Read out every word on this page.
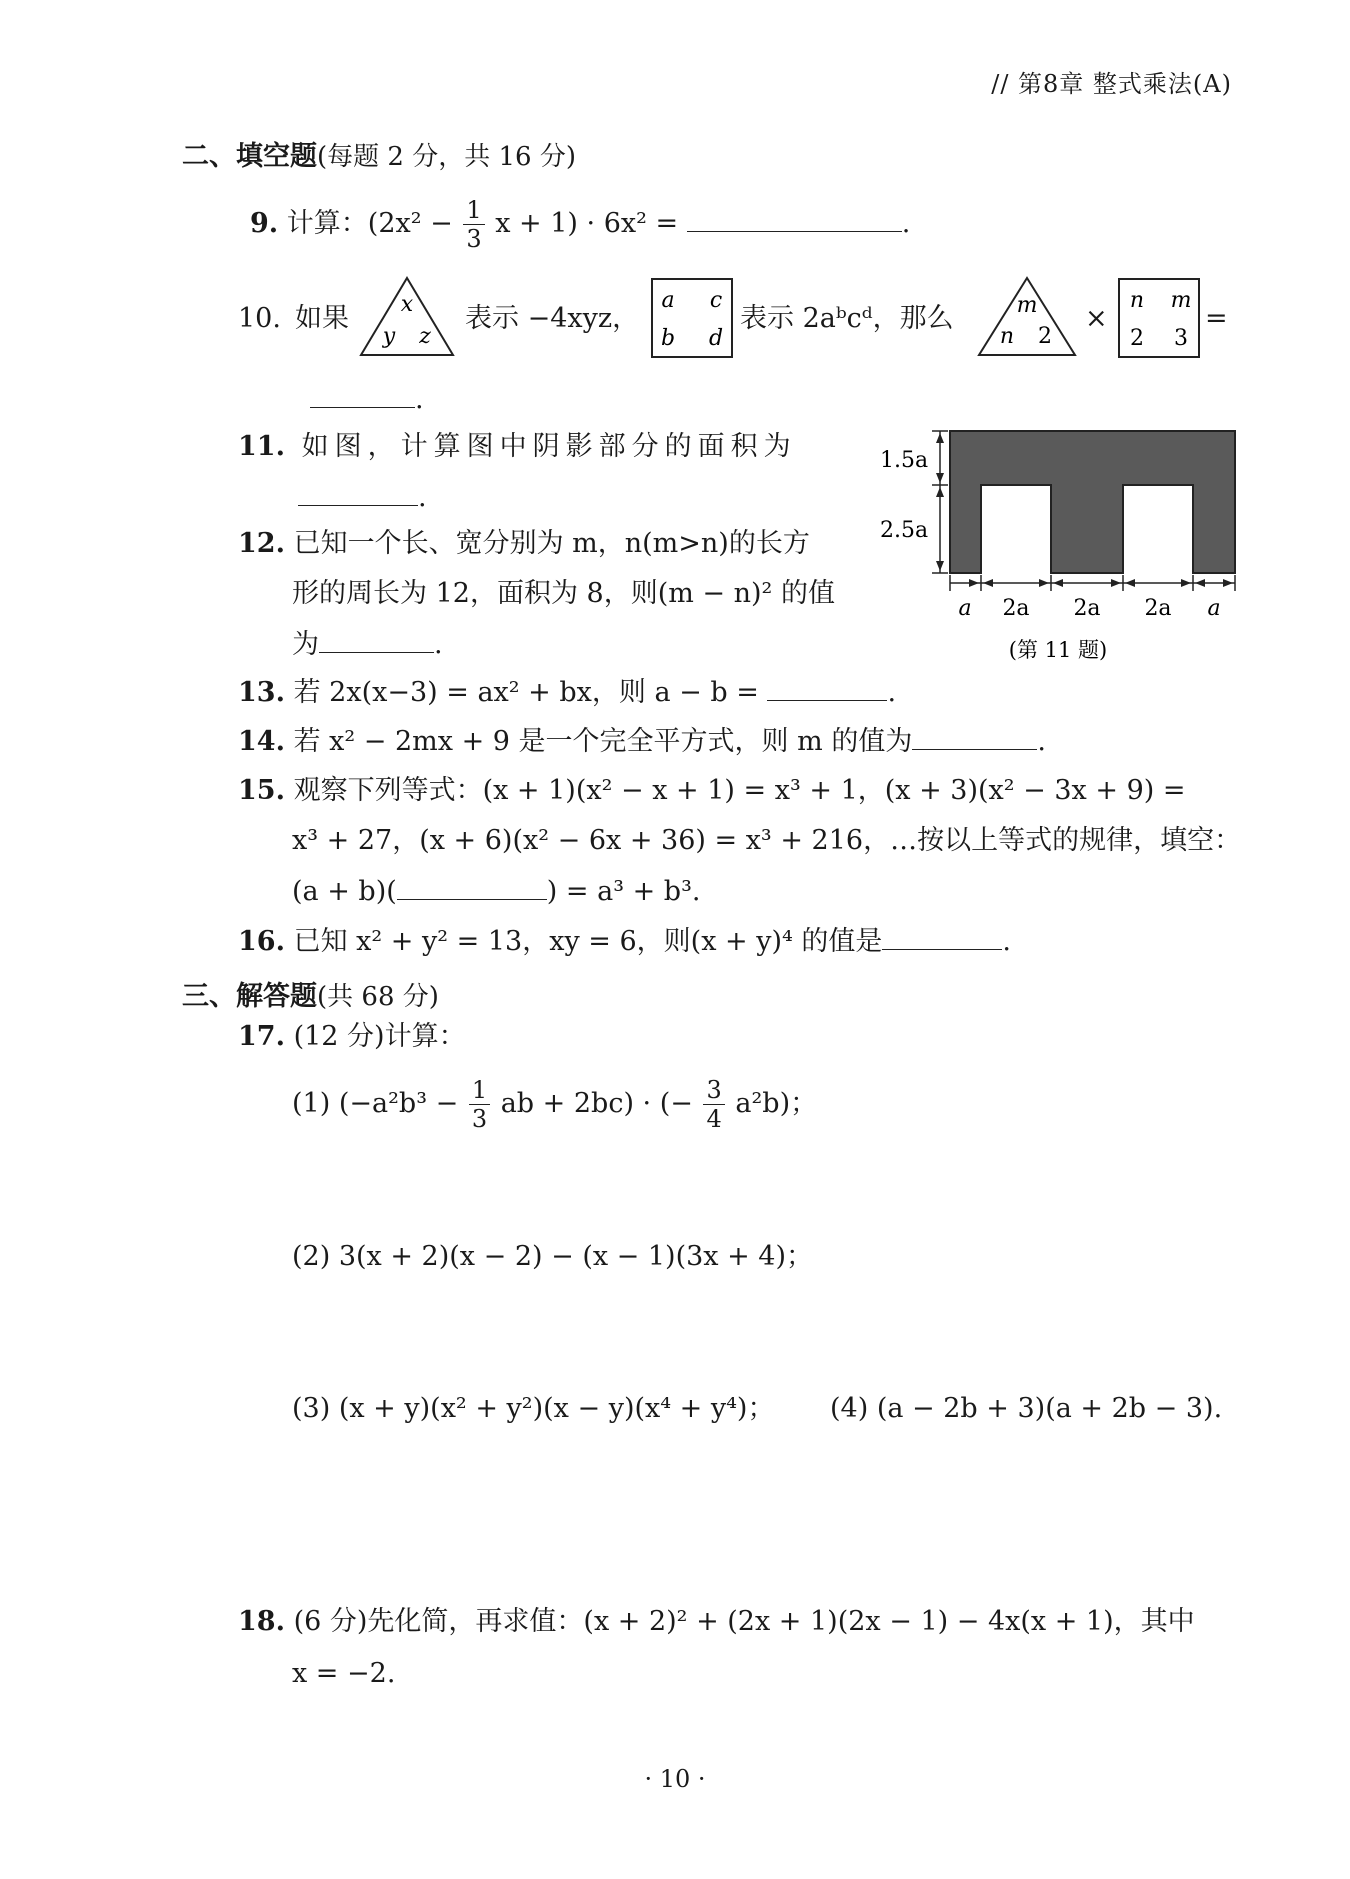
// 第8章 整式乘法(A)
二、填空题(每题 2 分，共 16 分)
9. 计算：($2x^2 - \frac{1}{3}$ x + 1) · 6x² =	.
10. 如果 x
y z
表示 −4xyz，
a c
b d
表示 2aᵇcᵈ，那么	m
n 2
×
n m
2 3
=
.
11. 如图，计算图中阴影部分的面积为
.
1.5a
2.5a
a 2a 2a 2a a
(第 11 题)
12. 已知一个长、宽分别为 m，n(m>n)的长方
形的周长为 12，面积为 8，则(m − n)² 的值
为	.
13. 若 2x(x−3) = ax² + bx，则 a − b =	.
14. 若 x² − 2mx + 9 是一个完全平方式，则 m 的值为	.
15. 观察下列等式：(x + 1)(x² − x + 1) = x³ + 1，(x + 3)(x² − 3x + 9) =
x³ + 27，(x + 6)(x² − 6x + 36) = x³ + 216，…按以上等式的规律，填空：
(a + b)(	) = a³ + b³.
16. 已知 x² + y² = 13，xy = 6，则(x + y)⁴ 的值是	.
三、解答题(共 68 分)
17. (12 分)计算：
(1) ($-a^2b^3 - \frac{1}{3}$ ab + 2bc) · (− $\frac{3}{4} a^2b$)；
(2) 3(x + 2)(x − 2) − (x − 1)(3x + 4)；
(3) (x + y)(x² + y²)(x − y)(x⁴ + y⁴)； (4) (a − 2b + 3)(a + 2b − 3).
18. (6 分)先化简，再求值：(x + 2)² + (2x + 1)(2x − 1) − 4x(x + 1)，其中
x = −2.
· 10 ·
